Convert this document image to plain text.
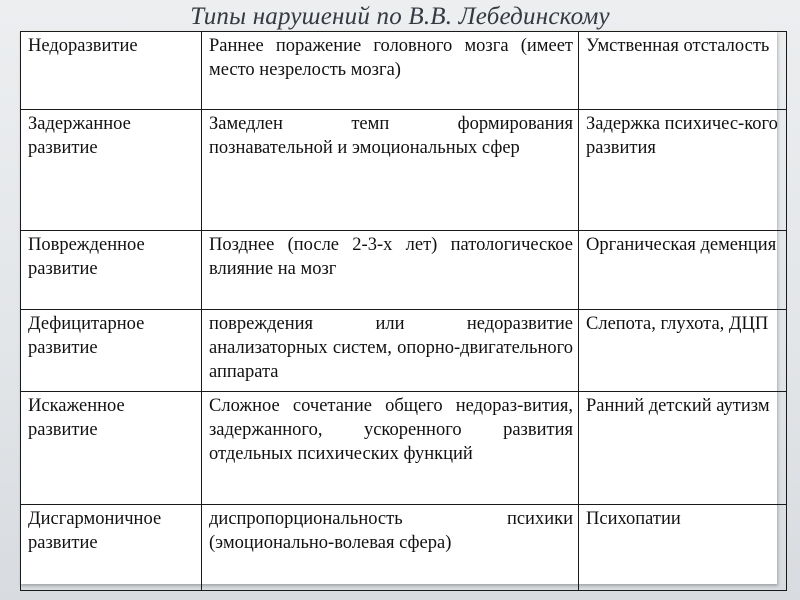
Типы нарушений по В.В. Лебединскому
Недоразвитие	Раннее поражение головного мозга (имеет место незрелость мозга)	Умственная отсталость
Задержанное развитие	Замедлен темп формирования познавательной и эмоциональных сфер	Задержка психичес-кого развития
Поврежденное развитие	Позднее (после 2-3-х лет) патологическое влияние на мозг	Органическая деменция
Дефицитарное развитие	повреждения или недоразвитие анализаторных систем, опорно-двигательного аппарата	Слепота, глухота, ДЦП
Искаженное развитие	Сложное сочетание общего недораз-вития, задержанного, ускоренного развития отдельных психических функций	Ранний детский аутизм
Дисгармоничное развитие	диспропорциональность психики (эмоционально-волевая сфера)	Психопатии
